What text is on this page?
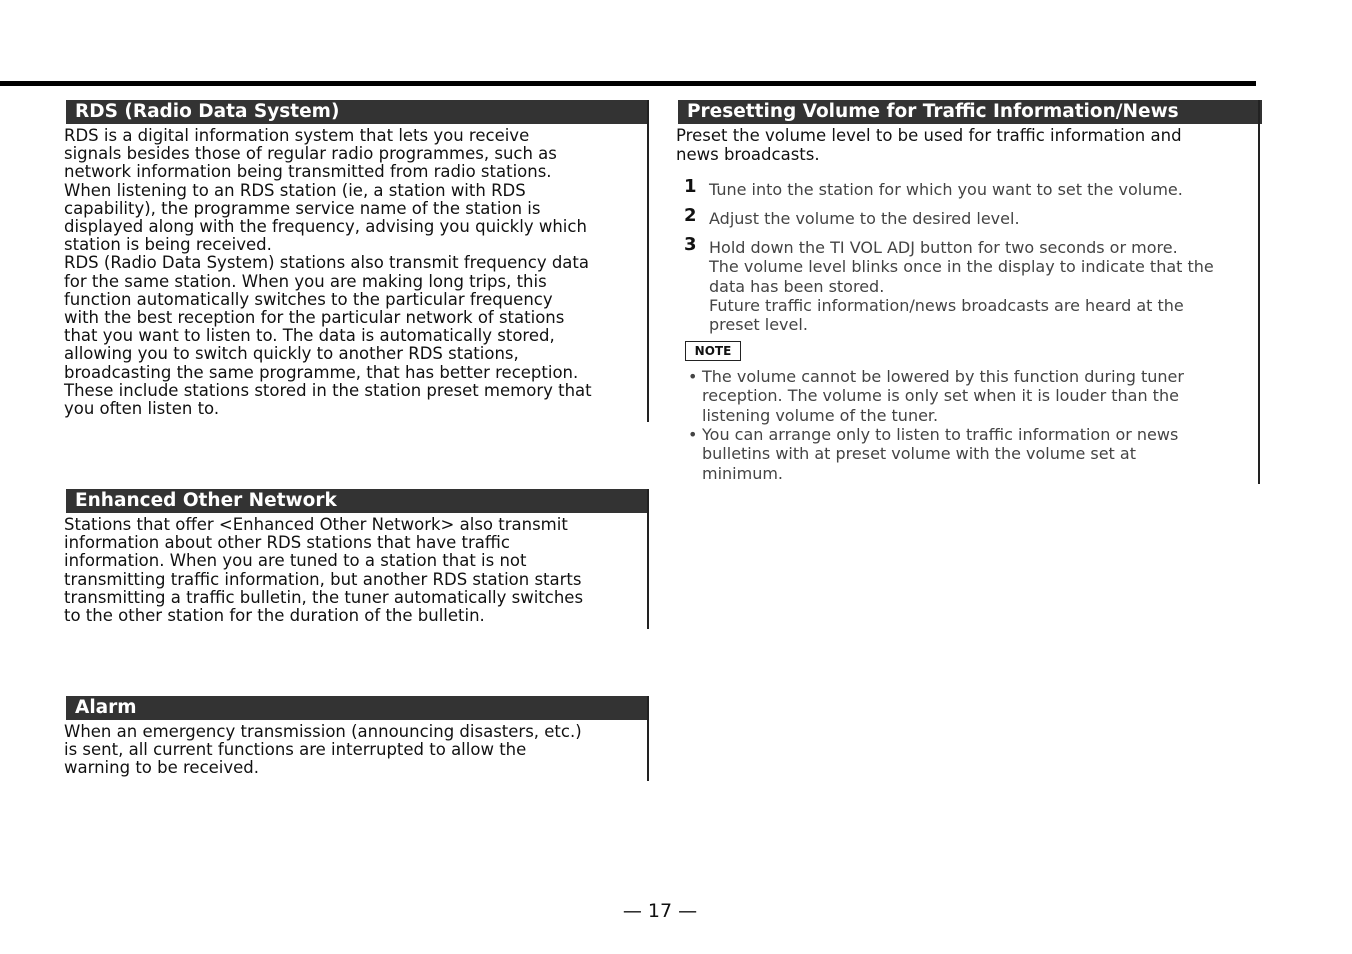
RDS (Radio Data System)

RDS is a digital information system that lets you receive

signals besides those of regular radio programmes, such as

network information being transmitted from radio stations.

When listening to an RDS station (ie, a station with RDS

capability), the programme service name of the station is

displayed along with the frequency, advising you quickly which

station is being received.

RDS (Radio Data System) stations also transmit frequency data

for the same station. When you are making long trips, this

function automatically switches to the particular frequency

with the best reception for the particular network of stations

that you want to listen to. The data is automatically stored,

allowing you to switch quickly to another RDS stations,

broadcasting the same programme, that has better reception.

These include stations stored in the station preset memory that

you often listen to.

Enhanced Other Network

Stations that offer <Enhanced Other Network> also transmit

information about other RDS stations that have traffic

information. When you are tuned to a station that is not

transmitting traffic information, but another RDS station starts

transmitting a traffic bulletin, the tuner automatically switches

to the other station for the duration of the bulletin.

Alarm

When an emergency transmission (announcing disasters, etc.)

is sent, all current functions are interrupted to allow the

warning to be received.

Presetting Volume for Traffic Information/News

Preset the volume level to be used for traffic information and

news broadcasts.

1 Tune into the station for which you want to set the volume.
2 Adjust the volume to the desired level.
3 Hold down the TI VOL ADJ button for two seconds or more.
The volume level blinks once in the display to indicate that the
data has been stored.
Future traffic information/news broadcasts are heard at the
preset level.
NOTE
• The volume cannot be lowered by this function during tuner
reception. The volume is only set when it is louder than the
listening volume of the tuner.
• You can arrange only to listen to traffic information or news
bulletins with at preset volume with the volume set at
minimum.
— 17 —
